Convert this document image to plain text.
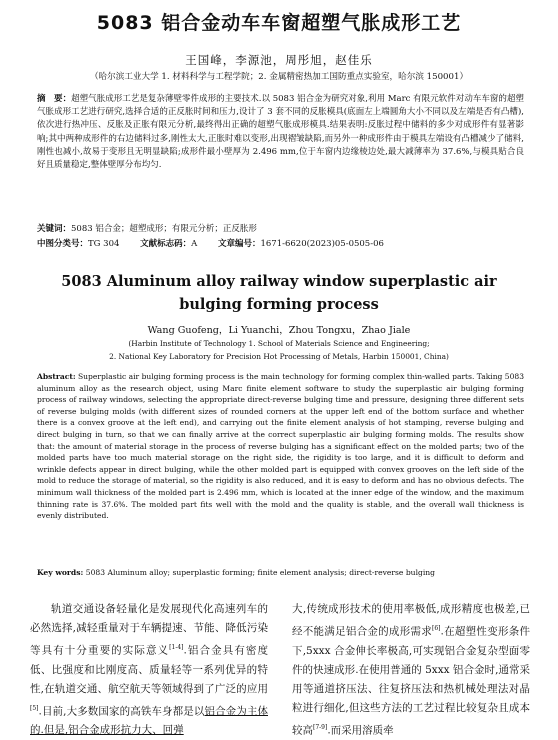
5083 铝合金动车车窗超塑气胀成形工艺
王国峰，李源池，周彤旭，赵佳乐
（哈尔滨工业大学 1. 材料科学与工程学院；2. 金属精密热加工国防重点实验室，哈尔滨 150001）
摘　要：超塑气胀成形工艺是复杂薄壁零件成形的主要技术.以 5083 铝合金为研究对象,利用 Marc 有限元软件对动车车窗的超塑气胀成形工艺进行研究,选择合适的正反胀时间和压力,设计了 3 套不同的反胀模具(底面左上端圆角大小不同以及左端是否有凸槽),依次进行热冲压、反胀及正胀有限元分析,最终得出正确的超塑气胀成形模具.结果表明:反胀过程中储料的多少对成形件有显著影响;其中两种成形件的右边储料过多,刚性太大,正胀时难以变形,出现褶皱缺陷,而另外一种成形件由于模具左端设有凸槽减少了储料,刚性也减小,故易于变形且无明显缺陷;成形件最小壁厚为 2.496 mm,位于车窗内边缘棱边处,最大减薄率为 37.6%,与模具贴合良好且质量稳定,整体壁厚分布均匀.
关键词：5083 铝合金；超塑成形；有限元分析；正反胀形
中图分类号：TG 304 文献标志码：A 文章编号：1671-6620(2023)05-0505-06
5083 Aluminum alloy railway window superplastic air bulging forming process
Wang Guofeng，Li Yuanchi，Zhou Tongxu，Zhao Jiale
(Harbin Institute of Technology 1. School of Materials Science and Engineering;
2. National Key Laboratory for Precision Hot Processing of Metals, Harbin 150001, China)
Abstract: Superplastic air bulging forming process is the main technology for forming complex thin-walled parts. Taking 5083 aluminum alloy as the research object, using Marc finite element software to study the superplastic air bulging forming process of railway windows, selecting the appropriate direct-reverse bulging time and pressure, designing three different sets of reverse bulging molds (with different sizes of rounded corners at the upper left end of the bottom surface and whether there is a convex groove at the left end), and carrying out the finite element analysis of hot stamping, reverse bulging and direct bulging in turn, so that we can finally arrive at the correct superplastic air bulging forming molds. The results show that: the amount of material storage in the process of reverse bulging has a significant effect on the molded parts; two of the molded parts have too much material storage on the right side, the rigidity is too large, and it is difficult to deform and wrinkle defects appear in direct bulging, while the other molded part is equipped with convex grooves on the left side of the mold to reduce the storage of material, so the rigidity is also reduced, and it is easy to deform and has no obvious defects. The minimum wall thickness of the molded part is 2.496 mm, which is located at the inner edge of the window, and the maximum thinning rate is 37.6%. The molded part fits well with the mold and the quality is stable, and the overall wall thickness is evenly distributed.
Key words: 5083 Aluminum alloy; superplastic forming; finite element analysis; direct-reverse bulging
轨道交通设备轻量化是发展现代化高速列车的必然选择,减轻重量对于车辆提速、节能、降低污染等具有十分重要的实际意义[1-4].铝合金具有密度低、比强度和比刚度高、质量轻等一系列优异的特性,在轨道交通、航空航天等领域得到了广泛的应用[5].目前,大多数国家的高铁车身都是以铝合金为主体的.但是,铝合金成形抗力大、回弹
大,传统成形技术的使用率极低,成形精度也极差,已经不能满足铝合金的成形需求[6].在超塑性变形条件下,5xxx 合金伸长率极高,可实现铝合金复杂型面零件的快速成形.在使用普通的 5xxx 铝合金时,通常采用等通道挤压法、往复挤压法和热机械处理法对晶粒进行细化,但这些方法的工艺过程比较复杂且成本较高[7-9].而采用溶质牵
